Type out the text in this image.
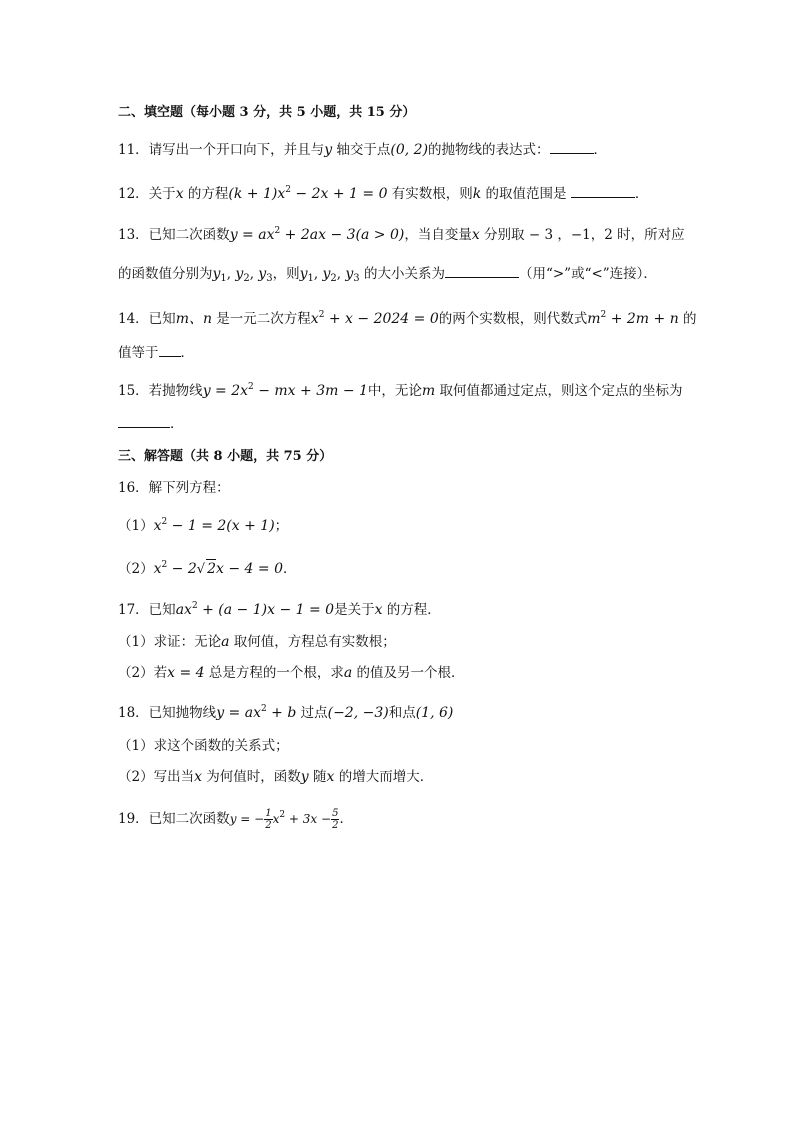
二、填空题（每小题 3 分，共 5 小题，共 15 分）
11．请写出一个开口向下，并且与y 轴交于点(0, 2)的抛物线的表达式：	．
12．关于x 的方程$(k + 1)x^2 - 2x + 1 = 0$ 有实数根，则k 的取值范围是	．
13．已知二次函数$y = ax^2 + 2ax - 3(a > 0)$，当自变量x 分别取 − 3 ，−1，2 时，所对应
的函数值分别为$y_1$, $y_2$, $y_3$，则$y_1$, $y_2$, $y_3$ 的大小关系为	（用“>”或“<”连接）．
14．已知m、n 是一元二次方程$x^2 + x - 2024 = 0$的两个实数根，则代数式$m^2 + 2m + n$ 的
值等于 ．
15．若抛物线$y = 2x^2$ − mx + 3m − 1中，无论m 取何值都通过定点，则这个定点的坐标为
．
三、解答题（共 8 小题，共 75 分）
16．解下列方程：
$(1)x^2 - 1 = 2(x + 1)$；
$(2)x^2 - 2√$ 2x − 4 = 0．
17．已知$ax^2 + (a - 1)x - 1 = 0$是关于x 的方程．
（1）求证：无论a 取何值，方程总有实数根；
（2）若x = 4 总是方程的一个根，求a 的值及另一个根．
18．已知抛物线$y = ax^2 + b$ 过点(−2, −3)和点(1, 6)
（1）求这个函数的关系式；
（2）写出当x 为何值时，函数y 随x 的增大而增大．
19．已知二次函数y = − $\frac{1}{2} x^2 + 3x - \frac{5}{2}$ ．
